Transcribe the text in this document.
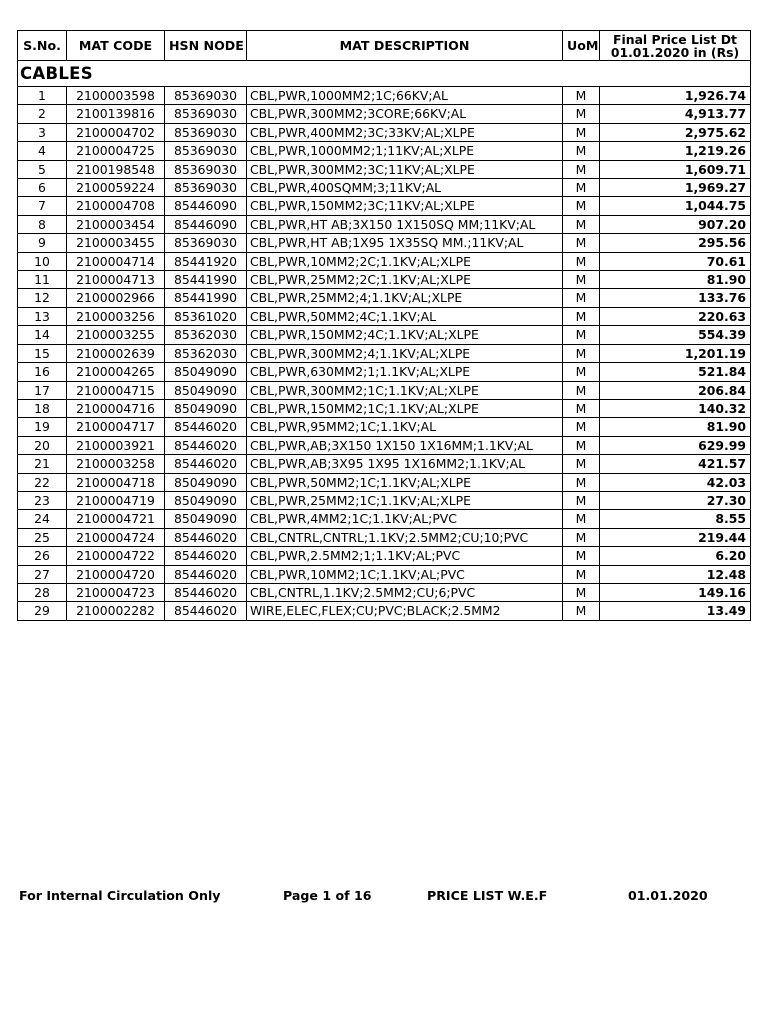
S.No.	MAT CODE	HSN NODE	MAT DESCRIPTION	UoM	Final Price List Dt
01.01.2020 in (Rs)
CABLES					
1	2100003598	85369030	CBL,PWR,1000MM2;1C;66KV;AL	M	1,926.74
2	2100139816	85369030	CBL,PWR,300MM2;3CORE;66KV;AL	M	4,913.77
3	2100004702	85369030	CBL,PWR,400MM2;3C;33KV;AL;XLPE	M	2,975.62
4	2100004725	85369030	CBL,PWR,1000MM2;1;11KV;AL;XLPE	M	1,219.26
5	2100198548	85369030	CBL,PWR,300MM2;3C;11KV;AL;XLPE	M	1,609.71
6	2100059224	85369030	CBL,PWR,400SQMM;3;11KV;AL	M	1,969.27
7	2100004708	85446090	CBL,PWR,150MM2;3C;11KV;AL;XLPE	M	1,044.75
8	2100003454	85446090	CBL,PWR,HT AB;3X150 1X150SQ MM;11KV;AL	M	907.20
9	2100003455	85369030	CBL,PWR,HT AB;1X95 1X35SQ MM.;11KV;AL	M	295.56
10	2100004714	85441920	CBL,PWR,10MM2;2C;1.1KV;AL;XLPE	M	70.61
11	2100004713	85441990	CBL,PWR,25MM2;2C;1.1KV;AL;XLPE	M	81.90
12	2100002966	85441990	CBL,PWR,25MM2;4;1.1KV;AL;XLPE	M	133.76
13	2100003256	85361020	CBL,PWR,50MM2;4C;1.1KV;AL	M	220.63
14	2100003255	85362030	CBL,PWR,150MM2;4C;1.1KV;AL;XLPE	M	554.39
15	2100002639	85362030	CBL,PWR,300MM2;4;1.1KV;AL;XLPE	M	1,201.19
16	2100004265	85049090	CBL,PWR,630MM2;1;1.1KV;AL;XLPE	M	521.84
17	2100004715	85049090	CBL,PWR,300MM2;1C;1.1KV;AL;XLPE	M	206.84
18	2100004716	85049090	CBL,PWR,150MM2;1C;1.1KV;AL;XLPE	M	140.32
19	2100004717	85446020	CBL,PWR,95MM2;1C;1.1KV;AL	M	81.90
20	2100003921	85446020	CBL,PWR,AB;3X150 1X150 1X16MM;1.1KV;AL	M	629.99
21	2100003258	85446020	CBL,PWR,AB;3X95 1X95 1X16MM2;1.1KV;AL	M	421.57
22	2100004718	85049090	CBL,PWR,50MM2;1C;1.1KV;AL;XLPE	M	42.03
23	2100004719	85049090	CBL,PWR,25MM2;1C;1.1KV;AL;XLPE	M	27.30
24	2100004721	85049090	CBL,PWR,4MM2;1C;1.1KV;AL;PVC	M	8.55
25	2100004724	85446020	CBL,CNTRL,CNTRL;1.1KV;2.5MM2;CU;10;PVC	M	219.44
26	2100004722	85446020	CBL,PWR,2.5MM2;1;1.1KV;AL;PVC	M	6.20
27	2100004720	85446020	CBL,PWR,10MM2;1C;1.1KV;AL;PVC	M	12.48
28	2100004723	85446020	CBL,CNTRL,1.1KV;2.5MM2;CU;6;PVC	M	149.16
29	2100002282	85446020	WIRE,ELEC,FLEX;CU;PVC;BLACK;2.5MM2	M	13.49
For Internal Circulation Only	Page 1 of 16	PRICE LIST W.E.F	01.01.2020
